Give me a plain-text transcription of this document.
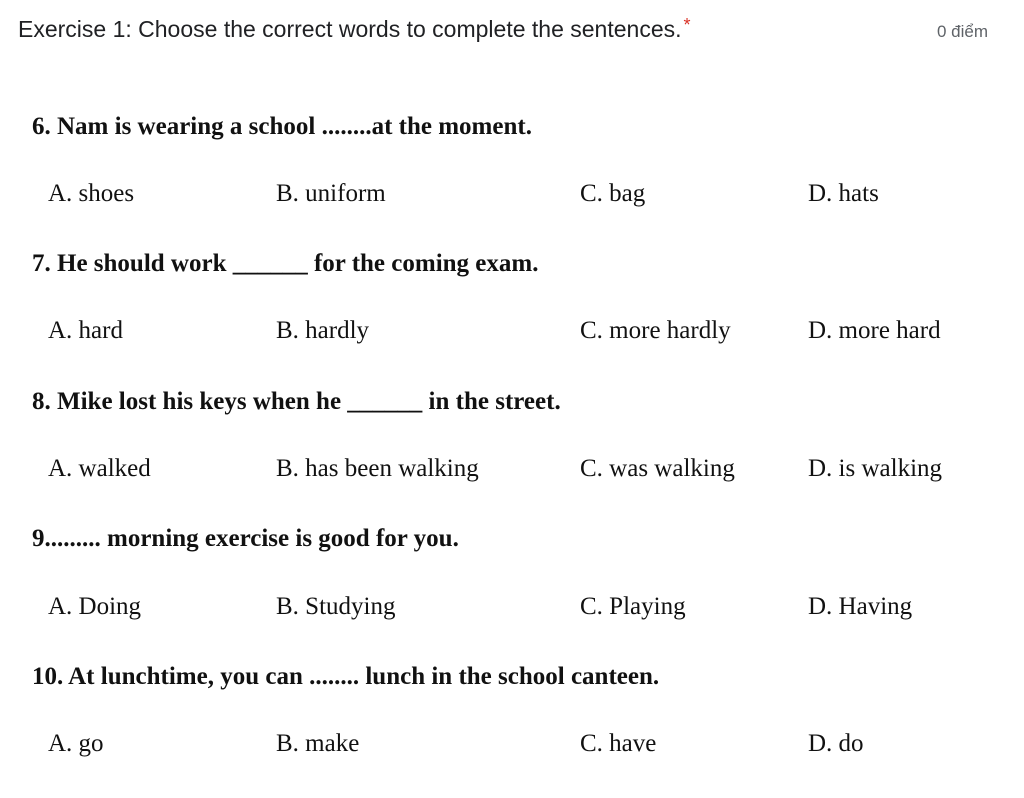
Exercise 1: Choose the correct words to complete the sentences. *	0 điểm
6. Nam is wearing a school ........at the moment.
A. shoes	B. uniform	C. bag	D. hats
7. He should work ______ for the coming exam.
A. hard	B. hardly	C. more hardly	D. more hard
8. Mike lost his keys when he ______ in the street.
A. walked	B. has been walking	C. was walking	D. is walking
9......... morning exercise is good for you.
A. Doing	B. Studying	C. Playing	D. Having
10. At lunchtime, you can ........ lunch in the school canteen.
A. go	B. make	C. have	D. do
